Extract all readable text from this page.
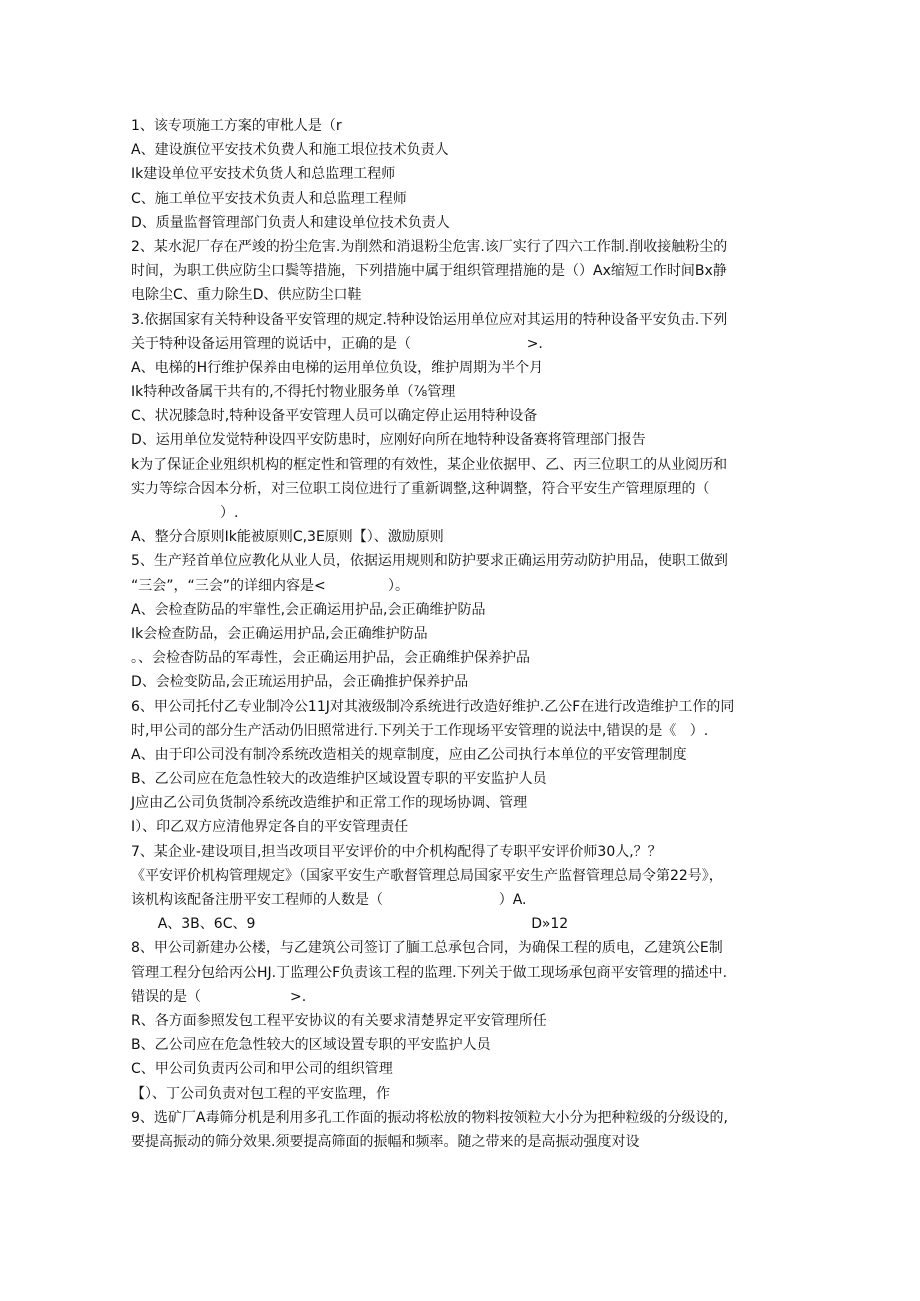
1、该专项施工方案的审枇人是（r
A、建设旗位平安技术负费人和施工垠位技术负责人
Ik建设单位平安技术负货人和总监理工程师
C、施工单位平安技术负责人和总监理工程师
D、质量监督管理部门负责人和建设单位技术负责人
2、某水泥厂存在严竣的扮尘危害.为削然和消退粉尘危害.该厂实行了四六工作制.削收接触粉尘的
时间，为职工供应防尘口鬓等措施，下列措施中属于组织管理措施的是（）Ax缩短工作时间Bx静
电除尘C、重力除生D、供应防尘口鞋
3.依据国家有关特种设备平安管理的规定.特种设饴运用单位应对其运用的特种设备平安负击.下列
关于特种设备运用管理的说话中，正确的是（                          >.
A、电梯的H行维护保养由电梯的运用单位负设，维护周期为半个月
Ik特种改备属干共有的,不得托忖物业服务单（⅞管理
C、状况膝急时,特种设备平安管理人员可以确定停止运用特种设备
D、运用单位发觉特种设四平安防患时，应刚好向所在地特种设备赛将管理部门报告
k为了保证企业殂织机构的框定性和管理的有效性，某企业依据甲、乙、丙三位职工的从业阅历和
实力等综合因本分析，对三位职工岗位进行了重新调整,这种调整，符合平安生产管理原理的（
）.
A、整分合原则Ik能被原则C,3E原则【）、激励原则
5、生产羟首单位应教化从业人员，依据运用规则和防护要求正确运用劳动防护用品，使职工做到
“三会”，“三会”的详细内容是<              ）。
A、会检查防品的牢靠性,会正确运用护品,会正确维护防品
Ik会检查防品，会正确运用护品,会正确维护防品
。、会检杳防品的军毒性，会正确运用护品，会正确维护保养护品
D、会检变防品,会正琉运用护品，会正确推护保养护品
6、甲公司托付乙专业制冷公11J对其液级制冷系统进行改造好维护.乙公F在进行改造维护工作的同
时,甲公司的部分生产活动仍旧照常进行.下列关于工作现场平安管理的说法中,错误的是《   ）.
A、由于印公司没有制冷系统改造相关的规章制度，应由乙公司执行本单位的平安管理制度
B、乙公司应在危急性较大的改造维护区域设置专职的平安监护人员
J应由乙公司负货制冷系统改造维护和正常工作的现场协调、管理
I）、印乙双方应清他界定各自的平安管理责任
7、某企业-建设项目,担当改项目平安评价的中介机构配得了专职平安评价师30人,？？
《平安评价机构管理规定》（国家平安生产歌督管理总局国家平安生产监督管理总局令第22号》，
该机构该配备注册平安工程师的人数是（                          ）A.
A、3B、6C、9                                                              D»12
8、甲公司新建办公楼，与乙建筑公司签订了腼工总承包合同，为确保工程的质电，乙建筑公E制
管理工程分包给丙公HJ.丁监理公F负责该工程的监理.下列关于做工现场承包商平安管理的描述中.
错误的是（                    >.
R、各方面参照发包工程平安协议的有关要求清楚界定平安管理所任
B、乙公司应在危急性较大的区域设置专职的平安监护人员
C、甲公司负责丙公司和甲公司的组织管理
【）、丁公司负责对包工程的平安监理，作
9、选矿厂A毒筛分机是利用多孔工作面的振动将松放的物料按领粒大小分为把种粒级的分级设的,
要提高振动的筛分效果.须要提高筛面的振幅和频率。随之带来的是高振动强度对设
